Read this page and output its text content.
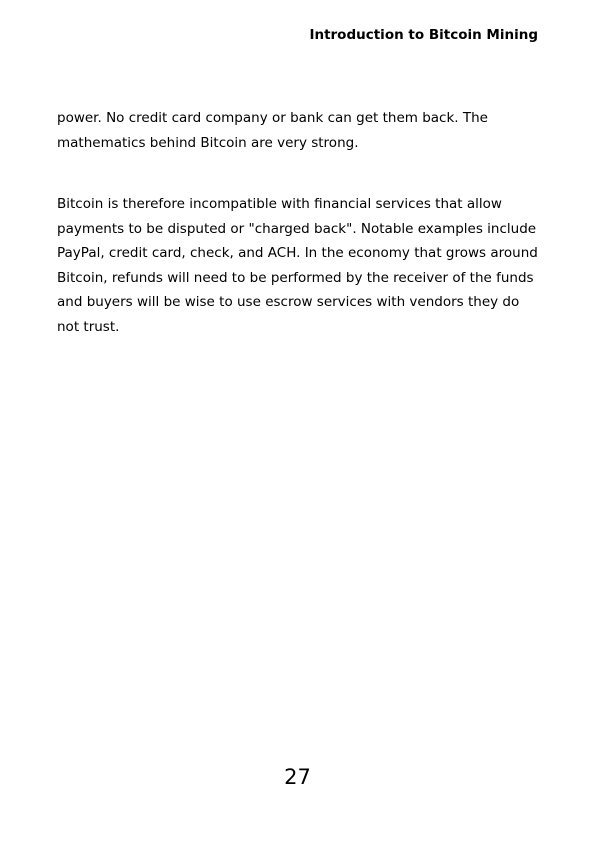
Introduction to Bitcoin Mining

power. No credit card company or bank can get them back. The mathematics behind Bitcoin are very strong.

Bitcoin is therefore incompatible with financial services that allow payments to be disputed or "charged back". Notable examples include PayPal, credit card, check, and ACH. In the economy that grows around Bitcoin, refunds will need to be performed by the receiver of the funds and buyers will be wise to use escrow services with vendors they do not trust.

27
